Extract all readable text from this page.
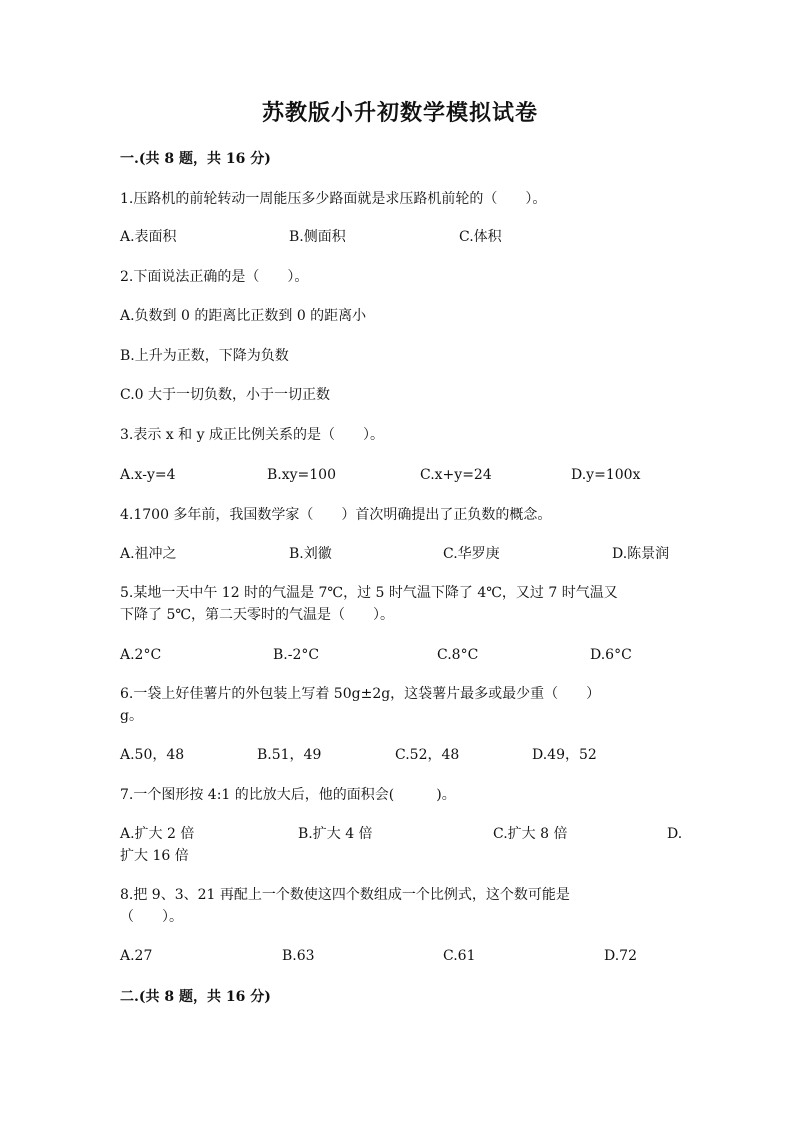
苏教版小升初数学模拟试卷
一.(共 8 题，共 16 分)
1.压路机的前轮转动一周能压多少路面就是求压路机前轮的（　　）。
A.表面积	B.侧面积	C.体积
2.下面说法正确的是（　　）。
A.负数到 0 的距离比正数到 0 的距离小
B.上升为正数，下降为负数
C.0 大于一切负数，小于一切正数
3.表示 x 和 y 成正比例关系的是（　　）。
A.x-y=4	B.xy=100	C.x+y=24	D.y=100x
4.1700 多年前，我国数学家（　　）首次明确提出了正负数的概念。
A.祖冲之	B.刘徽	C.华罗庚	D.陈景润
5.某地一天中午 12 时的气温是 7℃，过 5 时气温下降了 4℃，又过 7 时气温又
下降了 5℃，第二天零时的气温是（　　）。
A.2°C	B.-2°C	C.8°C	D.6°C
6.一袋上好佳薯片的外包装上写着 50g±2g，这袋薯片最多或最少重（　　）
g。
A.50，48	B.51，49	C.52，48	D.49，52
7.一个图形按 4:1 的比放大后，他的面积会(　　　)。
A.扩大 2 倍	B.扩大 4 倍	C.扩大 8 倍	D.
扩大 16 倍
8.把 9、3、21 再配上一个数使这四个数组成一个比例式，这个数可能是
（　　）。
A.27	B.63	C.61	D.72
二.(共 8 题，共 16 分)
